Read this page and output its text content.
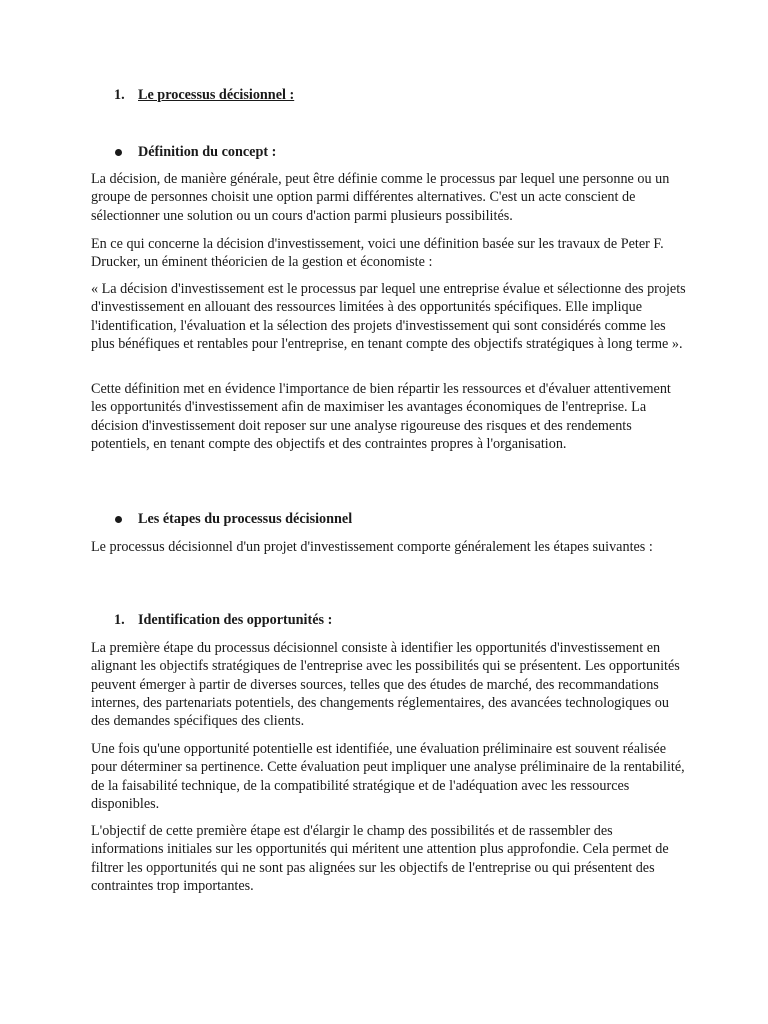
1. Le processus décisionnel :
Définition du concept :

La décision, de manière générale, peut être définie comme le processus par lequel une personne ou un groupe de personnes choisit une option parmi différentes alternatives. C'est un acte conscient de sélectionner une solution ou un cours d'action parmi plusieurs possibilités.

En ce qui concerne la décision d'investissement, voici une définition basée sur les travaux de Peter F. Drucker, un éminent théoricien de la gestion et économiste :

« La décision d'investissement est le processus par lequel une entreprise évalue et sélectionne des projets d'investissement en allouant des ressources limitées à des opportunités spécifiques. Elle implique l'identification, l'évaluation et la sélection des projets d'investissement qui sont considérés comme les plus bénéfiques et rentables pour l'entreprise, en tenant compte des objectifs stratégiques à long terme ».

Cette définition met en évidence l'importance de bien répartir les ressources et d'évaluer attentivement les opportunités d'investissement afin de maximiser les avantages économiques de l'entreprise. La décision d'investissement doit reposer sur une analyse rigoureuse des risques et des rendements potentiels, en tenant compte des objectifs et des contraintes propres à l'organisation.

Les étapes du processus décisionnel

Le processus décisionnel d'un projet d'investissement comporte généralement les étapes suivantes :

1. Identification des opportunités :

La première étape du processus décisionnel consiste à identifier les opportunités d'investissement en alignant les objectifs stratégiques de l'entreprise avec les possibilités qui se présentent. Les opportunités peuvent émerger à partir de diverses sources, telles que des études de marché, des recommandations internes, des partenariats potentiels, des changements réglementaires, des avancées technologiques ou des demandes spécifiques des clients.

Une fois qu'une opportunité potentielle est identifiée, une évaluation préliminaire est souvent réalisée pour déterminer sa pertinence. Cette évaluation peut impliquer une analyse préliminaire de la rentabilité, de la faisabilité technique, de la compatibilité stratégique et de l'adéquation avec les ressources disponibles.

L'objectif de cette première étape est d'élargir le champ des possibilités et de rassembler des informations initiales sur les opportunités qui méritent une attention plus approfondie. Cela permet de filtrer les opportunités qui ne sont pas alignées sur les objectifs de l'entreprise ou qui présentent des contraintes trop importantes.
